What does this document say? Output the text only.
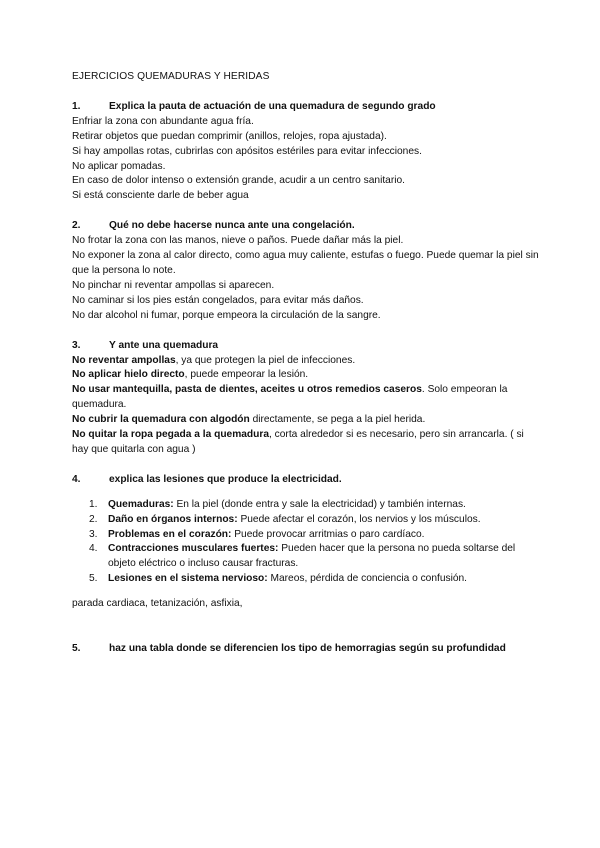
EJERCICIOS QUEMADURAS Y HERIDAS

1.	Explica la pauta de actuación de una quemadura de segundo grado

Enfriar la zona con abundante agua fría.

Retirar objetos que puedan comprimir (anillos, relojes, ropa ajustada).

Si hay ampollas rotas, cubrirlas con apósitos estériles para evitar infecciones.

No aplicar pomadas.

En caso de dolor intenso o extensión grande, acudir a un centro sanitario.

Si está consciente darle de beber agua

2.	Qué no debe hacerse nunca ante una congelación.

No frotar la zona con las manos, nieve o paños. Puede dañar más la piel.

No exponer la zona al calor directo, como agua muy caliente, estufas o fuego. Puede quemar la piel sin que la persona lo note.

No pinchar ni reventar ampollas si aparecen.

No caminar si los pies están congelados, para evitar más daños.

No dar alcohol ni fumar, porque empeora la circulación de la sangre.

3.	Y ante una quemadura

No reventar ampollas, ya que protegen la piel de infecciones.

No aplicar hielo directo, puede empeorar la lesión.

No usar mantequilla, pasta de dientes, aceites u otros remedios caseros. Solo empeoran la quemadura.

No cubrir la quemadura con algodón directamente, se pega a la piel herida.

No quitar la ropa pegada a la quemadura, corta alrededor si es necesario, pero sin arrancarla. ( si hay que quitarla con agua )

4.	explica las lesiones que produce la electricidad.

1. Quemaduras: En la piel (donde entra y sale la electricidad) y también internas.
2. Daño en órganos internos: Puede afectar el corazón, los nervios y los músculos.
3. Problemas en el corazón: Puede provocar arritmias o paro cardíaco.
4. Contracciones musculares fuertes: Pueden hacer que la persona no pueda soltarse del objeto eléctrico o incluso causar fracturas.
5. Lesiones en el sistema nervioso: Mareos, pérdida de conciencia o confusión.

parada cardiaca, tetanización, asfixia,

5.	haz una tabla donde se diferencien los tipo de hemorragias según su profundidad
